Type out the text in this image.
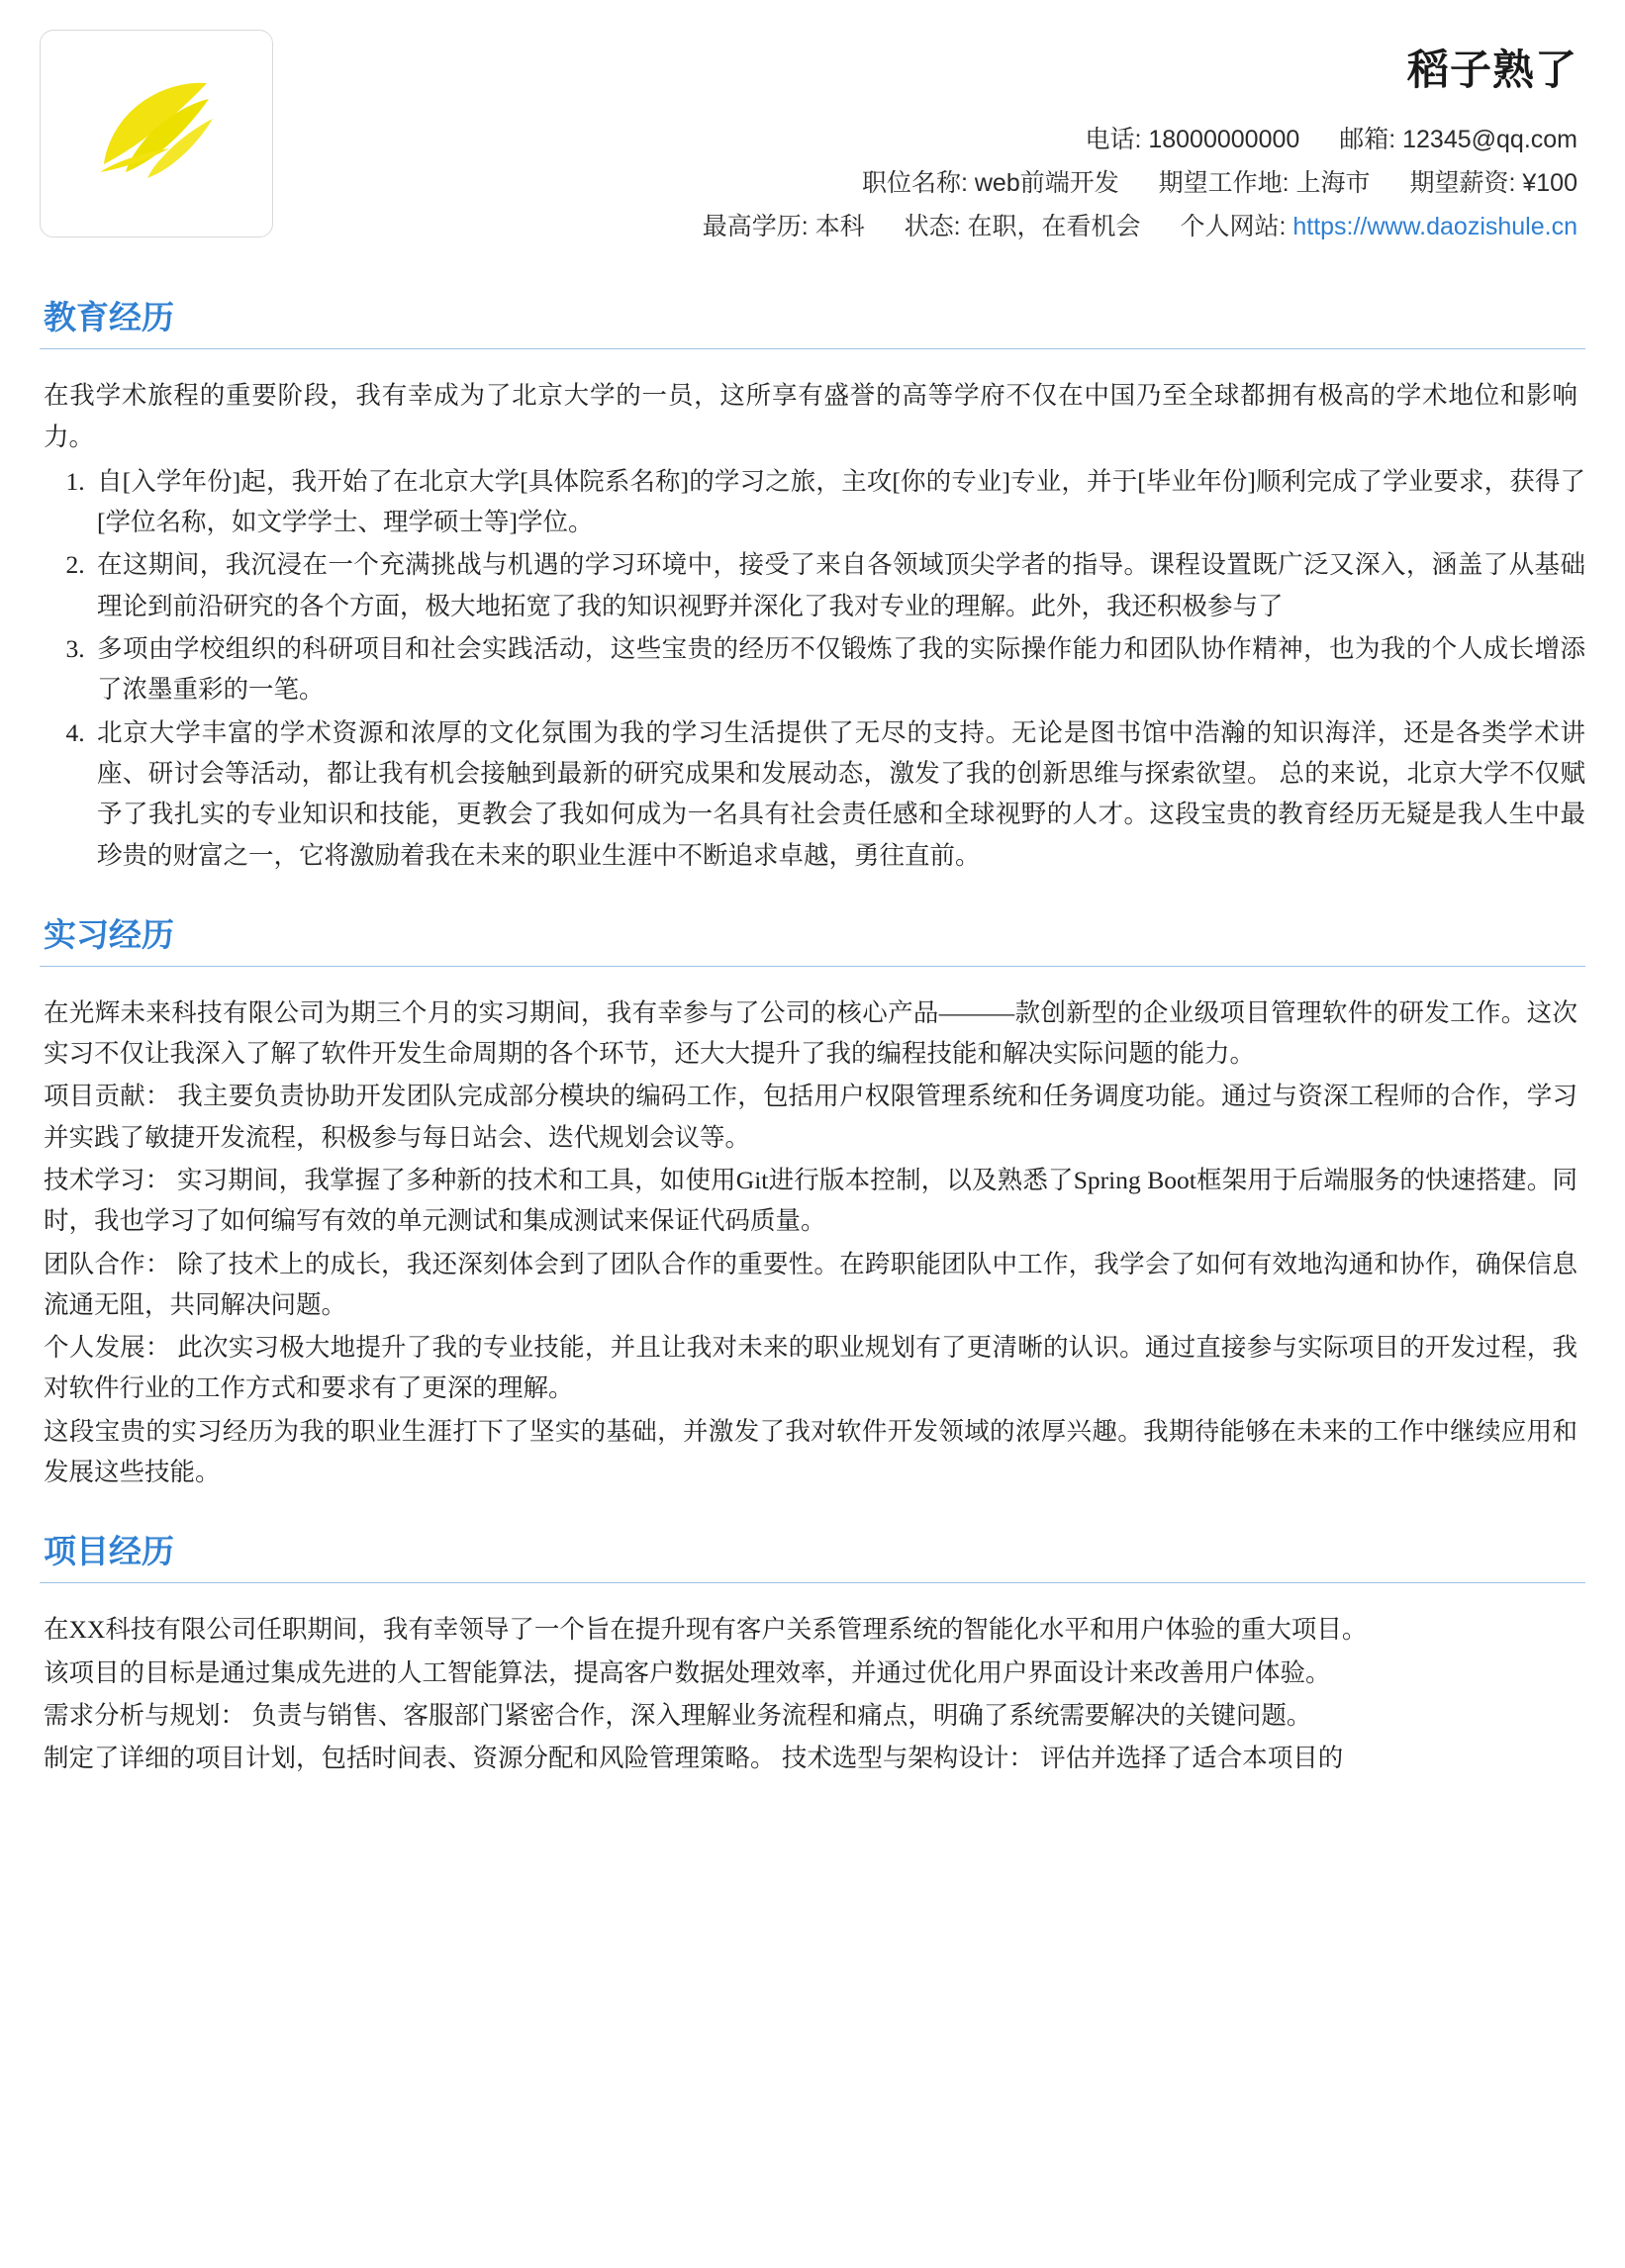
稻子熟了
电话: 18000000000 邮箱: 12345@qq.com
职位名称: web前端开发 期望工作地: 上海市 期望薪资: ¥100
最高学历: 本科 状态: 在职，在看机会 个人网站: https://www.daozishule.cn
教育经历

在我学术旅程的重要阶段，我有幸成为了北京大学的一员，这所享有盛誉的高等学府不仅在中国乃至全球都拥有极高的学术地位和影响力。

1. 自[入学年份]起，我开始了在北京大学[具体院系名称]的学习之旅，主攻[你的专业]专业，并于[毕业年份]顺利完成了学业要求，获得了[学位名称，如文学学士、理学硕士等]学位。
2. 在这期间，我沉浸在一个充满挑战与机遇的学习环境中，接受了来自各领域顶尖学者的指导。课程设置既广泛又深入，涵盖了从基础理论到前沿研究的各个方面，极大地拓宽了我的知识视野并深化了我对专业的理解。此外，我还积极参与了
3. 多项由学校组织的科研项目和社会实践活动，这些宝贵的经历不仅锻炼了我的实际操作能力和团队协作精神，也为我的个人成长增添了浓墨重彩的一笔。
4. 北京大学丰富的学术资源和浓厚的文化氛围为我的学习生活提供了无尽的支持。无论是图书馆中浩瀚的知识海洋，还是各类学术讲座、研讨会等活动，都让我有机会接触到最新的研究成果和发展动态，激发了我的创新思维与探索欲望。 总的来说，北京大学不仅赋予了我扎实的专业知识和技能，更教会了我如何成为一名具有社会责任感和全球视野的人才。这段宝贵的教育经历无疑是我人生中最珍贵的财富之一，它将激励着我在未来的职业生涯中不断追求卓越，勇往直前。
实习经历

在光辉未来科技有限公司为期三个月的实习期间，我有幸参与了公司的核心产品———款创新型的企业级项目管理软件的研发工作。这次实习不仅让我深入了解了软件开发生命周期的各个环节，还大大提升了我的编程技能和解决实际问题的能力。

项目贡献： 我主要负责协助开发团队完成部分模块的编码工作，包括用户权限管理系统和任务调度功能。通过与资深工程师的合作，学习并实践了敏捷开发流程，积极参与每日站会、迭代规划会议等。

技术学习： 实习期间，我掌握了多种新的技术和工具，如使用Git进行版本控制，以及熟悉了Spring Boot框架用于后端服务的快速搭建。同时，我也学习了如何编写有效的单元测试和集成测试来保证代码质量。

团队合作： 除了技术上的成长，我还深刻体会到了团队合作的重要性。在跨职能团队中工作，我学会了如何有效地沟通和协作，确保信息流通无阻，共同解决问题。

个人发展： 此次实习极大地提升了我的专业技能，并且让我对未来的职业规划有了更清晰的认识。通过直接参与实际项目的开发过程，我对软件行业的工作方式和要求有了更深的理解。

这段宝贵的实习经历为我的职业生涯打下了坚实的基础，并激发了我对软件开发领域的浓厚兴趣。我期待能够在未来的工作中继续应用和发展这些技能。

项目经历

在XX科技有限公司任职期间，我有幸领导了一个旨在提升现有客户关系管理系统的智能化水平和用户体验的重大项目。

该项目的目标是通过集成先进的人工智能算法，提高客户数据处理效率，并通过优化用户界面设计来改善用户体验。

需求分析与规划： 负责与销售、客服部门紧密合作，深入理解业务流程和痛点，明确了系统需要解决的关键问题。

制定了详细的项目计划，包括时间表、资源分配和风险管理策略。 技术选型与架构设计： 评估并选择了适合本项目的
